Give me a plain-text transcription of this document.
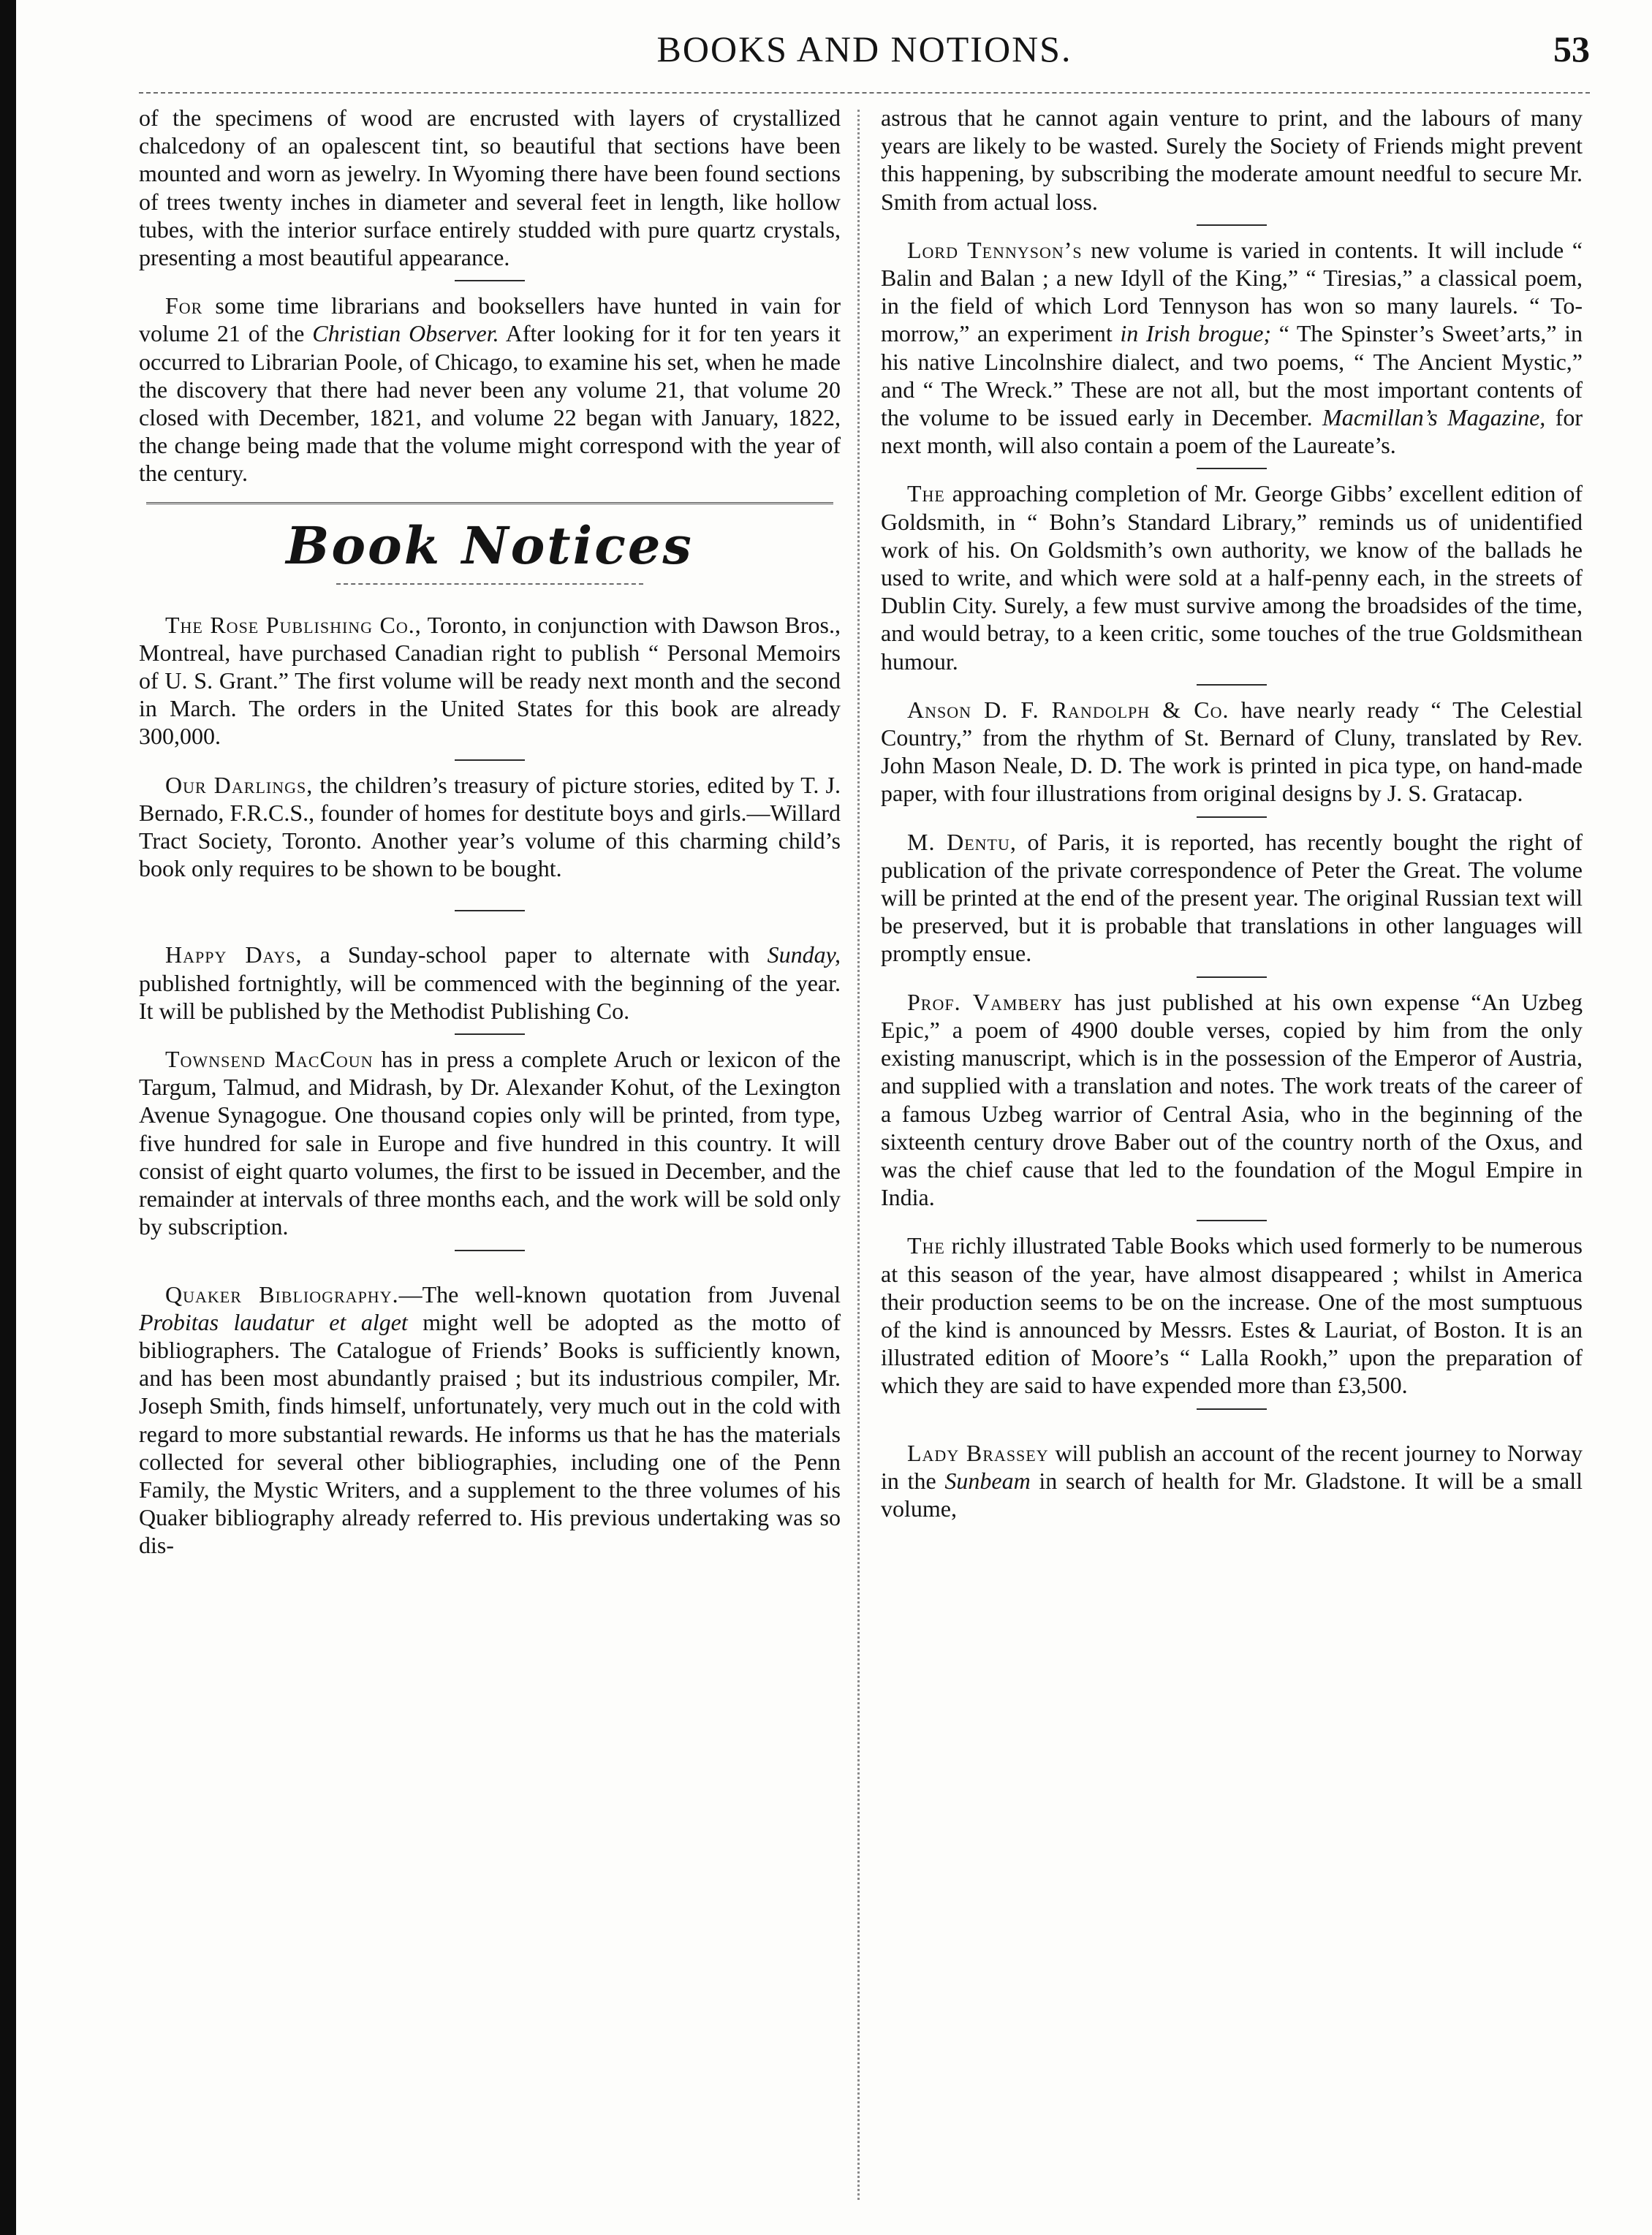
BOOKS AND NOTIONS.	53

of the specimens of wood are encrusted with layers of crystallized chalcedony of an opalescent tint, so beautiful that sections have been mounted and worn as jewelry. In Wyoming there have been found sections of trees twenty inches in diameter and several feet in length, like hollow tubes, with the interior surface entirely studded with pure quartz crystals, presenting a most beautiful appearance.

For some time librarians and booksellers have hunted in vain for volume 21 of the Christian Observer. After looking for it for ten years it occurred to Librarian Poole, of Chicago, to examine his set, when he made the discovery that there had never been any volume 21, that volume 20 closed with December, 1821, and volume 22 began with January, 1822, the change being made that the volume might correspond with the year of the century.

Book Notices

The Rose Publishing Co., Toronto, in conjunction with Dawson Bros., Montreal, have purchased Canadian right to publish “ Personal Memoirs of U. S. Grant.” The first volume will be ready next month and the second in March. The orders in the United States for this book are already 300,000.

Our Darlings, the children’s treasury of picture stories, edited by T. J. Bernado, F.R.C.S., founder of homes for destitute boys and girls.—Willard Tract Society, Toronto. Another year’s volume of this charming child’s book only requires to be shown to be bought.

Happy Days, a Sunday-school paper to alternate with Sunday, published fortnightly, will be commenced with the beginning of the year. It will be published by the Methodist Publishing Co.

Townsend MacCoun has in press a complete Aruch or lexicon of the Targum, Talmud, and Midrash, by Dr. Alexander Kohut, of the Lexington Avenue Synagogue. One thousand copies only will be printed, from type, five hundred for sale in Europe and five hundred in this country. It will consist of eight quarto volumes, the first to be issued in December, and the remainder at intervals of three months each, and the work will be sold only by subscription.

Quaker Bibliography.—The well-known quotation from Juvenal Probitas laudatur et alget might well be adopted as the motto of bibliographers. The Catalogue of Friends’ Books is sufficiently known, and has been most abundantly praised ; but its industrious compiler, Mr. Joseph Smith, finds himself, unfortunately, very much out in the cold with regard to more substantial rewards. He informs us that he has the materials collected for several other bibliographies, including one of the Penn Family, the Mystic Writers, and a supplement to the three volumes of his Quaker bibliography already referred to. His previous undertaking was so dis-

astrous that he cannot again venture to print, and the labours of many years are likely to be wasted. Surely the Society of Friends might prevent this happening, by subscribing the moderate amount needful to secure Mr. Smith from actual loss.

Lord Tennyson’s new volume is varied in contents. It will include “ Balin and Balan ; a new Idyll of the King,” “ Tiresias,” a classical poem, in the field of which Lord Tennyson has won so many laurels. “ To-morrow,” an experiment in Irish brogue; “ The Spinster’s Sweet’arts,” in his native Lincolnshire dialect, and two poems, “ The Ancient Mystic,” and “ The Wreck.” These are not all, but the most important contents of the volume to be issued early in December. Macmillan’s Magazine, for next month, will also contain a poem of the Laureate’s.

The approaching completion of Mr. George Gibbs’ excellent edition of Goldsmith, in “ Bohn’s Standard Library,” reminds us of unidentified work of his. On Goldsmith’s own authority, we know of the ballads he used to write, and which were sold at a half-penny each, in the streets of Dublin City. Surely, a few must survive among the broadsides of the time, and would betray, to a keen critic, some touches of the true Goldsmithean humour.

Anson D. F. Randolph & Co. have nearly ready “ The Celestial Country,” from the rhythm of St. Bernard of Cluny, translated by Rev. John Mason Neale, D. D. The work is printed in pica type, on hand-made paper, with four illustrations from original designs by J. S. Gratacap.

M. Dentu, of Paris, it is reported, has recently bought the right of publication of the private correspondence of Peter the Great. The volume will be printed at the end of the present year. The original Russian text will be preserved, but it is probable that translations in other languages will promptly ensue.

Prof. Vambery has just published at his own expense “An Uzbeg Epic,” a poem of 4900 double verses, copied by him from the only existing manuscript, which is in the possession of the Emperor of Austria, and supplied with a translation and notes. The work treats of the career of a famous Uzbeg warrior of Central Asia, who in the beginning of the sixteenth century drove Baber out of the country north of the Oxus, and was the chief cause that led to the foundation of the Mogul Empire in India.

The richly illustrated Table Books which used formerly to be numerous at this season of the year, have almost disappeared ; whilst in America their production seems to be on the increase. One of the most sumptuous of the kind is announced by Messrs. Estes & Lauriat, of Boston. It is an illustrated edition of Moore’s “ Lalla Rookh,” upon the preparation of which they are said to have expended more than £3,500.

Lady Brassey will publish an account of the recent journey to Norway in the Sunbeam in search of health for Mr. Gladstone. It will be a small volume,
